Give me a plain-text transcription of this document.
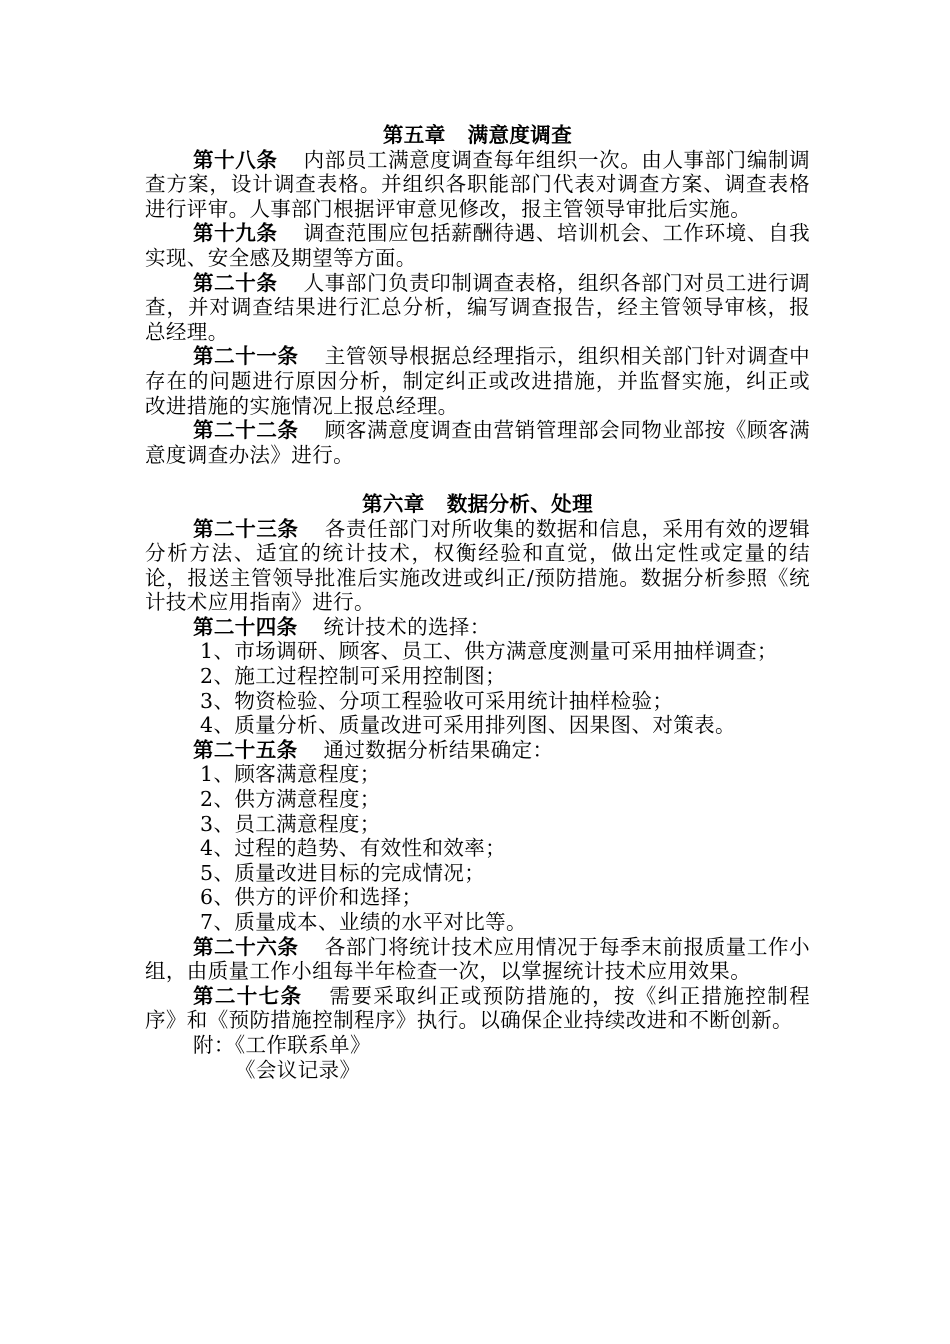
第五章 满意度调查

第十八条 内部员工满意度调查每年组织一次。由人事部门编制调查方案，设计调查表格。并组织各职能部门代表对调查方案、调查表格进行评审。人事部门根据评审意见修改，报主管领导审批后实施。

第十九条 调查范围应包括薪酬待遇、培训机会、工作环境、自我实现、安全感及期望等方面。

第二十条 人事部门负责印制调查表格，组织各部门对员工进行调查，并对调查结果进行汇总分析，编写调查报告，经主管领导审核，报总经理。

第二十一条 主管领导根据总经理指示，组织相关部门针对调查中存在的问题进行原因分析，制定纠正或改进措施，并监督实施，纠正或改进措施的实施情况上报总经理。

第二十二条 顾客满意度调查由营销管理部会同物业部按《顾客满意度调查办法》进行。

第六章 数据分析、处理

第二十三条 各责任部门对所收集的数据和信息，采用有效的逻辑分析方法、适宜的统计技术，权衡经验和直觉，做出定性或定量的结论，报送主管领导批准后实施改进或纠正/预防措施。数据分析参照《统计技术应用指南》进行。

第二十四条 统计技术的选择：

1、市场调研、顾客、员工、供方满意度测量可采用抽样调查；

2、施工过程控制可采用控制图；

3、物资检验、分项工程验收可采用统计抽样检验；

4、质量分析、质量改进可采用排列图、因果图、对策表。

第二十五条 通过数据分析结果确定：

1、顾客满意程度；

2、供方满意程度；

3、员工满意程度；

4、过程的趋势、有效性和效率；

5、质量改进目标的完成情况；

6、供方的评价和选择；

7、质量成本、业绩的水平对比等。

第二十六条 各部门将统计技术应用情况于每季末前报质量工作小组，由质量工作小组每半年检查一次，以掌握统计技术应用效果。

第二十七条 需要采取纠正或预防措施的，按《纠正措施控制程序》和《预防措施控制程序》执行。以确保企业持续改进和不断创新。

附：《工作联系单》

《会议记录》
